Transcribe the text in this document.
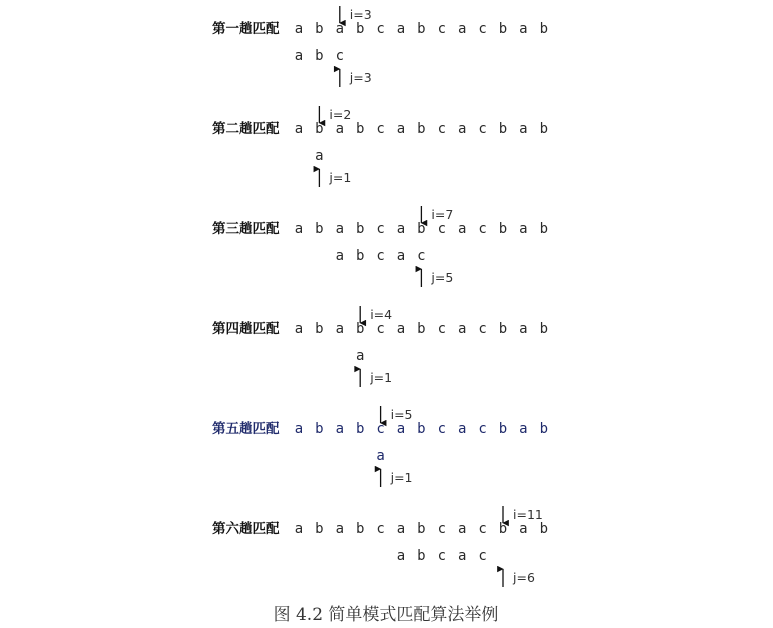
第一趟匹配 a b a b c a b c a c b a b
i=3
a b c
j=3
第二趟匹配 a b a b c a b c a c b a b
i=2
a
j=1
第三趟匹配 a b a b c a b c a c b a b
i=7
a b c a c
j=5
第四趟匹配 a b a b c a b c a c b a b
i=4
a
j=1
第五趟匹配 a b a b c a b c a c b a b
i=5
a
j=1
第六趟匹配 a b a b c a b c a c b a b
i=11
a b c a c
j=6
图 4.2 简单模式匹配算法举例
